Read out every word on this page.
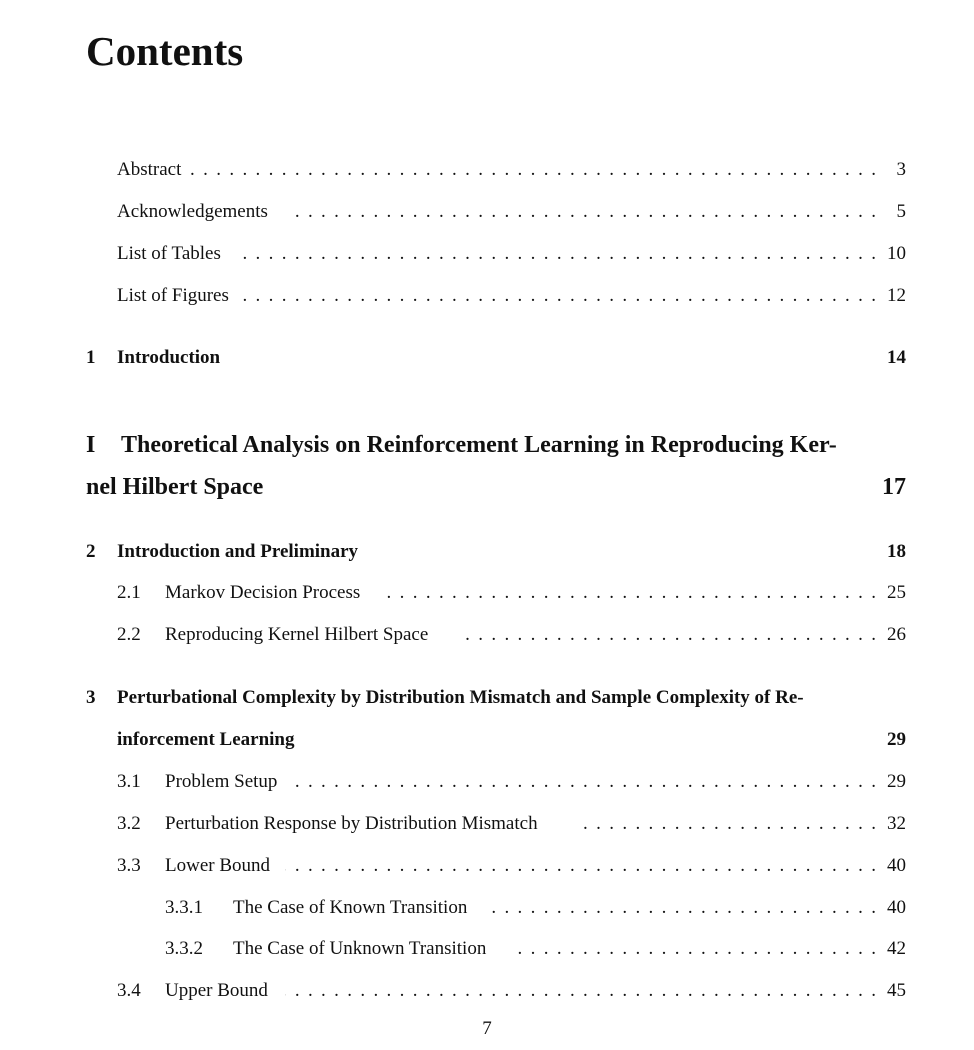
Contents
Abstract . . .	3
Acknowledgements . . .	5
List of Tables . . .	10
List of Figures . . .	12
1 Introduction	14
I Theoretical Analysis on Reinforcement Learning in Reproducing Ker-
nel Hilbert Space	17
2 Introduction and Preliminary	18
2.1 Markov Decision Process . . .	25
2.2 Reproducing Kernel Hilbert Space . . .	26
3 Perturbational Complexity by Distribution Mismatch and Sample Complexity of Re-
inforcement Learning	29
3.1 Problem Setup . . .	29
3.2 Perturbation Response by Distribution Mismatch . . .	32
3.3 Lower Bound . . .	40
3.3.1 The Case of Known Transition . . .	40
3.3.2 The Case of Unknown Transition . . .	42
3.4 Upper Bound . . .	45
7
